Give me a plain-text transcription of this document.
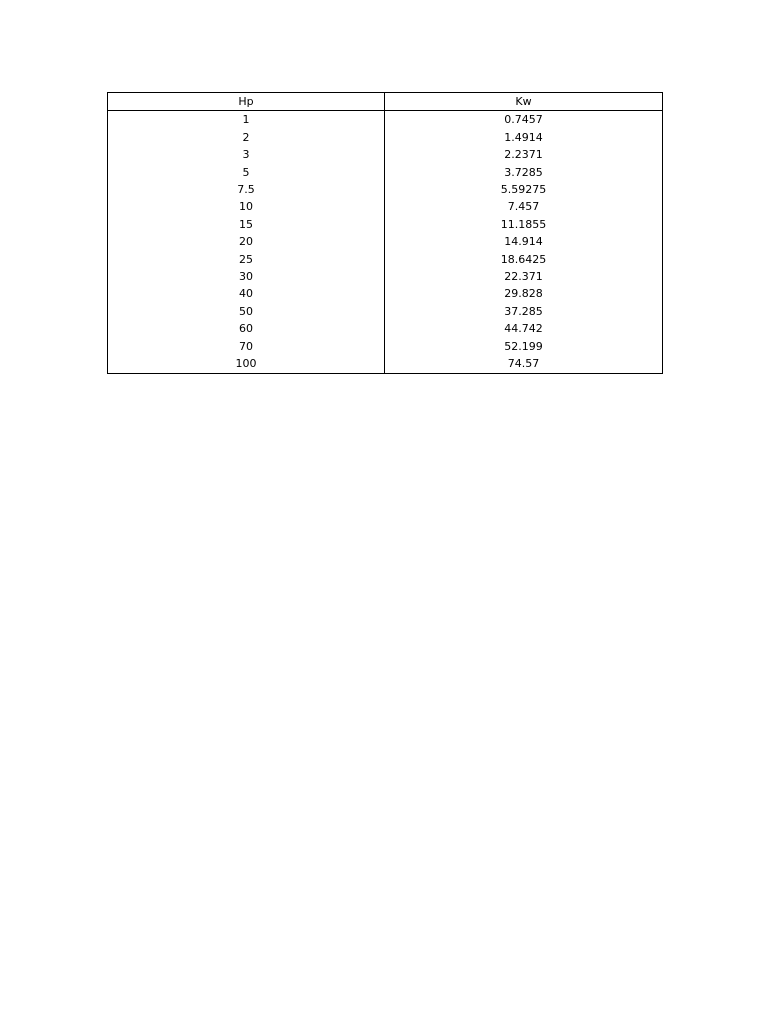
Hp	Kw
1	0.7457
2	1.4914
3	2.2371
5	3.7285
7.5	5.59275
10	7.457
15	11.1855
20	14.914
25	18.6425
30	22.371
40	29.828
50	37.285
60	44.742
70	52.199
100	74.57
